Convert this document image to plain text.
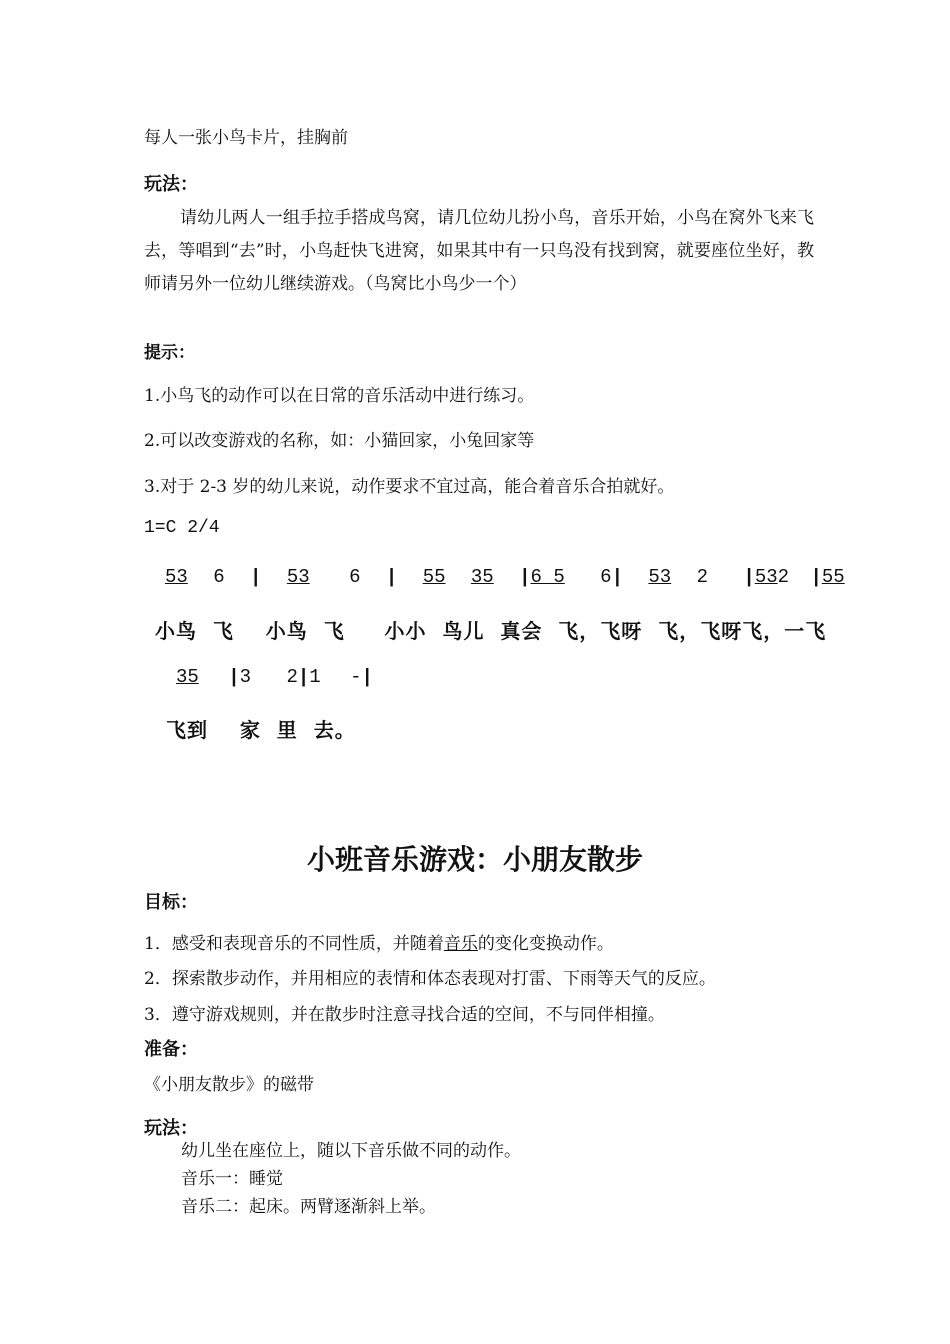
每人一张小鸟卡片，挂胸前
玩法：
请幼儿两人一组手拉手搭成鸟窝，请几位幼儿扮小鸟，音乐开始，小鸟在窝外飞来飞去，等唱到“去”时，小鸟赶快飞进窝，如果其中有一只鸟没有找到窝，就要座位坐好，教师请另外一位幼儿继续游戏。（鸟窝比小鸟少一个）
提示：
1.小鸟飞的动作可以在日常的音乐活动中进行练习。
2.可以改变游戏的名称，如：小猫回家，小兔回家等
3.对于 2-3 岁的幼儿来说，动作要求不宜过高，能合着音乐合拍就好。
1=C 2/4
53 6 | 53 6 | 55 35 |6 5 6| 53 2 |532 |55
小鸟  飞    小鸟  飞     小小  鸟儿  真会  飞，飞呀  飞，飞呀飞，一飞
35 |3 2|1 -|
飞到    家  里  去。
小班音乐游戏：小朋友散步
目标：
1．感受和表现音乐的不同性质，并随着音乐的变化变换动作。
2．探索散步动作，并用相应的表情和体态表现对打雷、下雨等天气的反应。
3．遵守游戏规则，并在散步时注意寻找合适的空间，不与同伴相撞。
准备：
《小朋友散步》的磁带
玩法：
幼儿坐在座位上，随以下音乐做不同的动作。
音乐一：睡觉
音乐二：起床。两臂逐渐斜上举。
